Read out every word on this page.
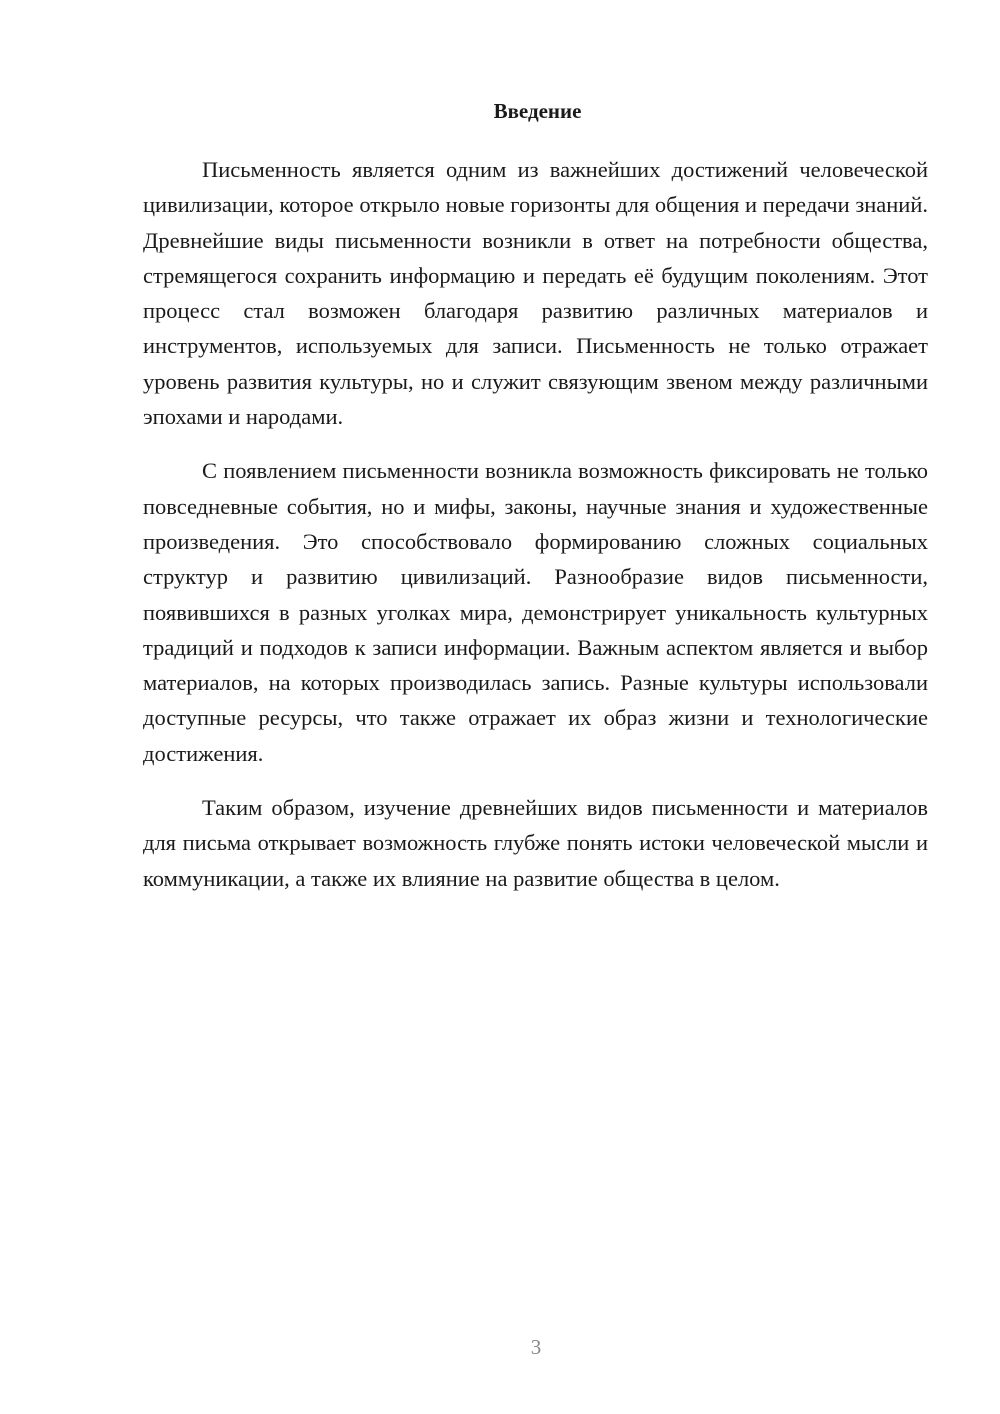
Введение

Письменность является одним из важнейших достижений человеческой цивилизации, которое открыло новые горизонты для общения и передачи знаний. Древнейшие виды письменности возникли в ответ на потребности общества, стремящегося сохранить информацию и передать её будущим поколениям. Этот процесс стал возможен благодаря развитию различных материалов и инструментов, используемых для записи. Письменность не только отражает уровень развития культуры, но и служит связующим звеном между различными эпохами и народами.

С появлением письменности возникла возможность фиксировать не только повседневные события, но и мифы, законы, научные знания и художественные произведения. Это способствовало формированию сложных социальных структур и развитию цивилизаций. Разнообразие видов письменности, появившихся в разных уголках мира, демонстрирует уникальность культурных традиций и подходов к записи информации. Важным аспектом является и выбор материалов, на которых производилась запись. Разные культуры использовали доступные ресурсы, что также отражает их образ жизни и технологические достижения.

Таким образом, изучение древнейших видов письменности и материалов для письма открывает возможность глубже понять истоки человеческой мысли и коммуникации, а также их влияние на развитие общества в целом.

3
